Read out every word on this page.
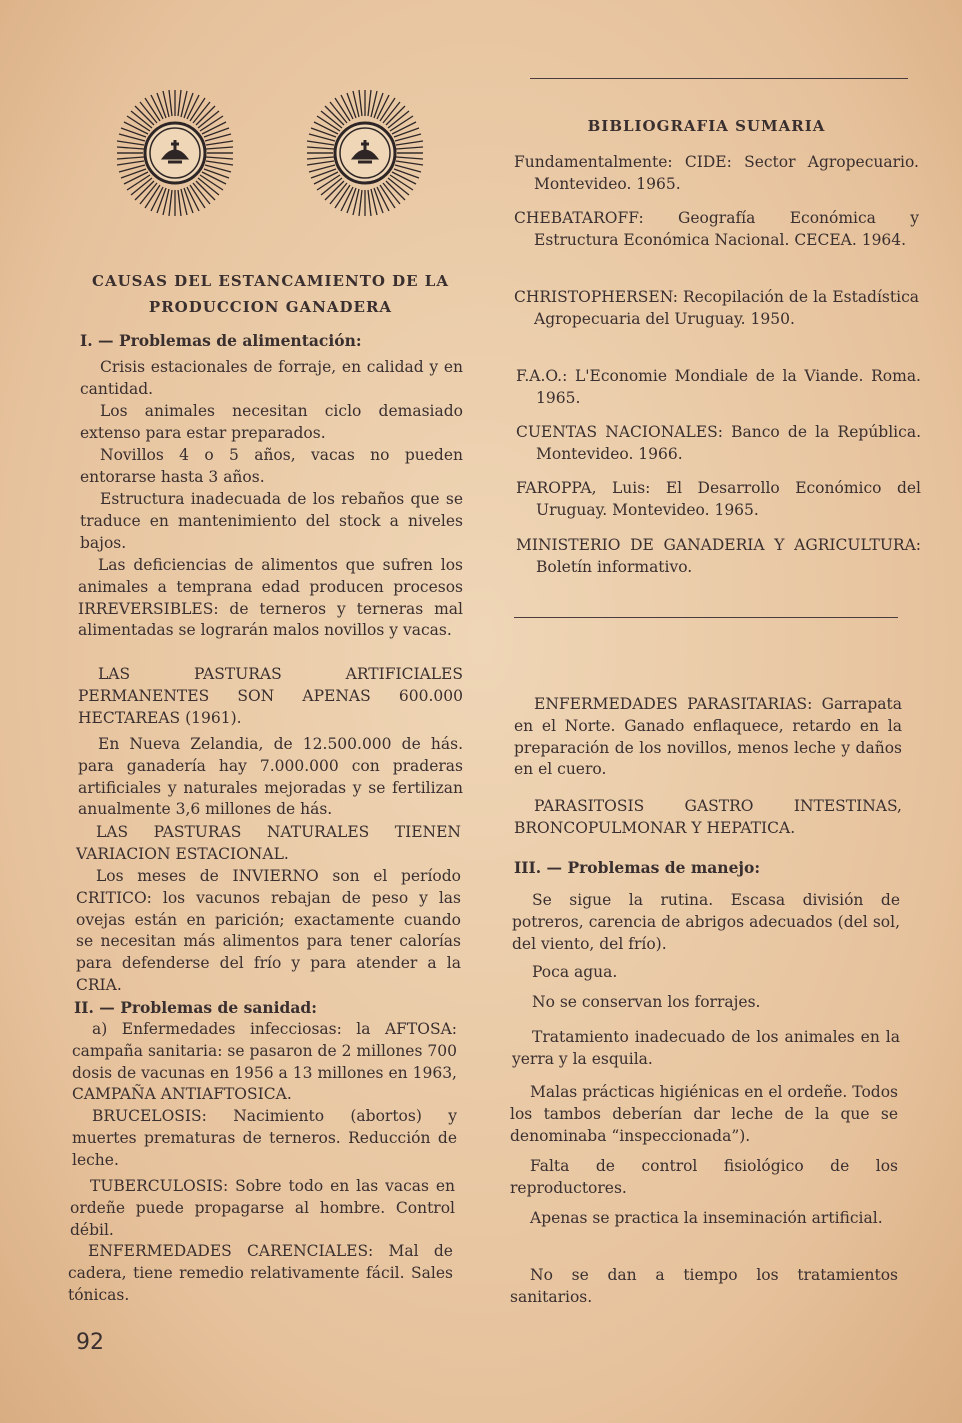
CAUSAS DEL ESTANCAMIENTO DE LA
PRODUCCION GANADERA

I. — Problemas de alimentación:

Crisis estacionales de forraje, en calidad y en cantidad.

Los animales necesitan ciclo demasiado extenso para estar preparados.

Novillos 4 o 5 años, vacas no pueden entorarse hasta 3 años.

Estructura inadecuada de los rebaños que se traduce en mantenimiento del stock a niveles bajos.

Las deficiencias de alimentos que sufren los animales a temprana edad producen procesos IRREVERSIBLES: de terneros y terneras mal alimentadas se lograrán malos novillos y vacas.

LAS PASTURAS ARTIFICIALES PERMANENTES SON APENAS 600.000 HECTAREAS (1961).

En Nueva Zelandia, de 12.500.000 de hás. para ganadería hay 7.000.000 con praderas artificiales y naturales mejoradas y se fertilizan anualmente 3,6 millones de hás.

LAS PASTURAS NATURALES TIENEN VARIACION ESTACIONAL.

Los meses de INVIERNO son el período CRITICO: los vacunos rebajan de peso y las ovejas están en parición; exactamente cuando se necesitan más alimentos para tener calorías para defenderse del frío y para atender a la CRIA.

II. — Problemas de sanidad:

a) Enfermedades infecciosas: la AFTOSA: campaña sanitaria: se pasaron de 2 millones 700 dosis de vacunas en 1956 a 13 millones en 1963, CAMPAÑA ANTIAFTOSICA.

BRUCELOSIS: Nacimiento (abortos) y muertes prematuras de terneros. Reducción de leche.

TUBERCULOSIS: Sobre todo en las vacas en ordeñe puede propagarse al hombre. Control débil.

ENFERMEDADES CARENCIALES: Mal de cadera, tiene remedio relativamente fácil. Sales tónicas.

92

BIBLIOGRAFIA SUMARIA

Fundamentalmente: CIDE: Sector Agropecuario. Montevideo. 1965.

CHEBATAROFF: Geografía Económica y Estructura Económica Nacional. CECEA. 1964.

CHRISTOPHERSEN: Recopilación de la Estadística Agropecuaria del Uruguay. 1950.

F.A.O.: L'Economie Mondiale de la Viande. Roma. 1965.

CUENTAS NACIONALES: Banco de la República. Montevideo. 1966.

FAROPPA, Luis: El Desarrollo Económico del Uruguay. Montevideo. 1965.

MINISTERIO DE GANADERIA Y AGRICULTURA: Boletín informativo.

ENFERMEDADES PARASITARIAS: Garrapata en el Norte. Ganado enflaquece, retardo en la preparación de los novillos, menos leche y daños en el cuero.

PARASITOSIS GASTRO INTESTINAS, BRONCOPULMONAR Y HEPATICA.

III. — Problemas de manejo:

Se sigue la rutina. Escasa división de potreros, carencia de abrigos adecuados (del sol, del viento, del frío).

Poca agua.

No se conservan los forrajes.

Tratamiento inadecuado de los animales en la yerra y la esquila.

Malas prácticas higiénicas en el ordeñe. Todos los tambos deberían dar leche de la que se denominaba “inspeccionada”).

Falta de control fisiológico de los reproductores.

Apenas se practica la inseminación artificial.

No se dan a tiempo los tratamientos sanitarios.
